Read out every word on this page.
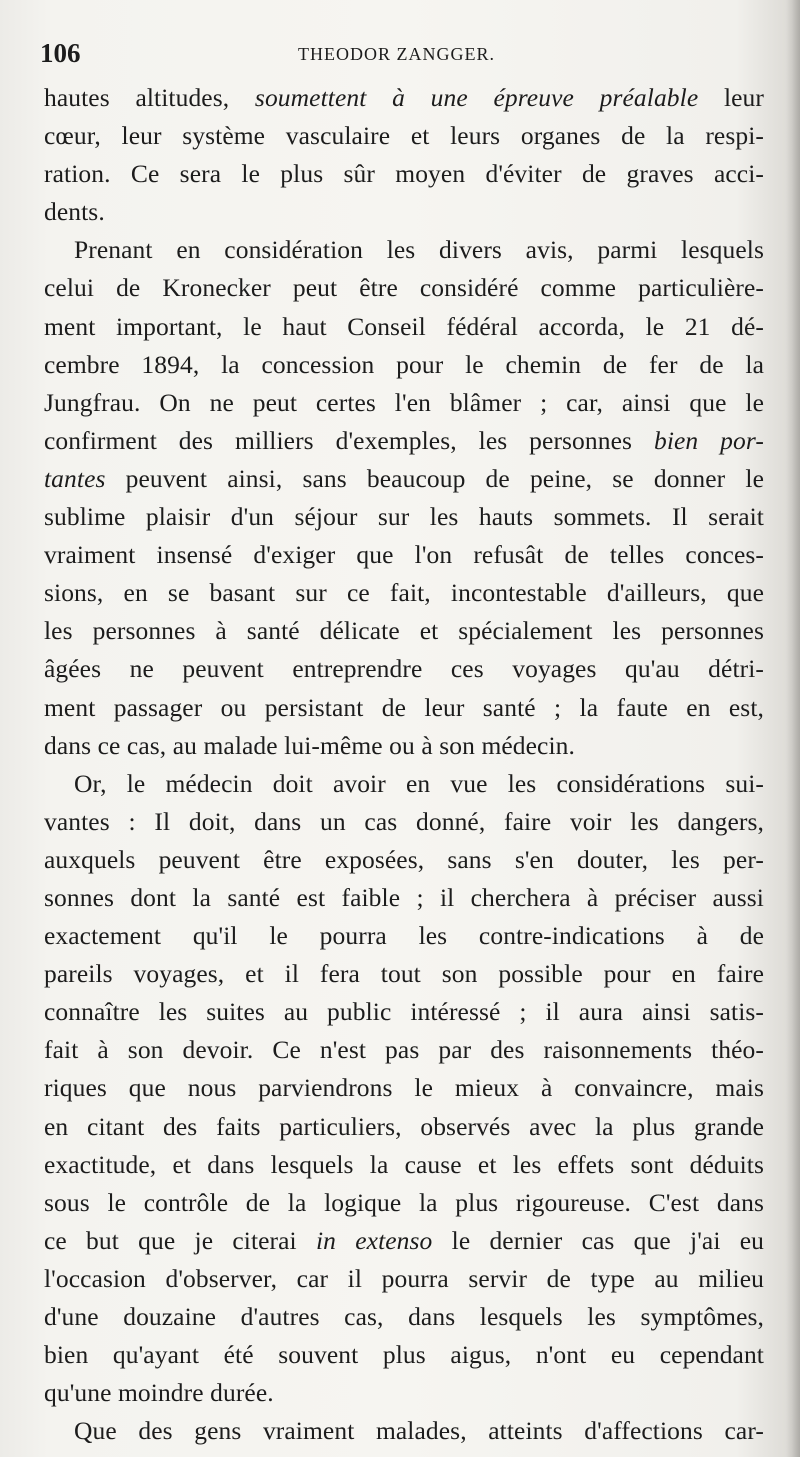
106	THEODOR ZANGGER.
hautes altitudes, soumettent à une épreuve préalable leur
cœur, leur système vasculaire et leurs organes de la respi-
ration. Ce sera le plus sûr moyen d'éviter de graves acci-
dents.
Prenant en considération les divers avis, parmi lesquels
celui de Kronecker peut être considéré comme particulière-
ment important, le haut Conseil fédéral accorda, le 21 dé-
cembre 1894, la concession pour le chemin de fer de la
Jungfrau. On ne peut certes l'en blâmer ; car, ainsi que le
confirment des milliers d'exemples, les personnes bien por-
tantes peuvent ainsi, sans beaucoup de peine, se donner le
sublime plaisir d'un séjour sur les hauts sommets. Il serait
vraiment insensé d'exiger que l'on refusât de telles conces-
sions, en se basant sur ce fait, incontestable d'ailleurs, que
les personnes à santé délicate et spécialement les personnes
âgées ne peuvent entreprendre ces voyages qu'au détri-
ment passager ou persistant de leur santé ; la faute en est,
dans ce cas, au malade lui-même ou à son médecin.
Or, le médecin doit avoir en vue les considérations sui-
vantes : Il doit, dans un cas donné, faire voir les dangers,
auxquels peuvent être exposées, sans s'en douter, les per-
sonnes dont la santé est faible ; il cherchera à préciser aussi
exactement qu'il le pourra les contre-indications à de
pareils voyages, et il fera tout son possible pour en faire
connaître les suites au public intéressé ; il aura ainsi satis-
fait à son devoir. Ce n'est pas par des raisonnements théo-
riques que nous parviendrons le mieux à convaincre, mais
en citant des faits particuliers, observés avec la plus grande
exactitude, et dans lesquels la cause et les effets sont déduits
sous le contrôle de la logique la plus rigoureuse. C'est dans
ce but que je citerai in extenso le dernier cas que j'ai eu
l'occasion d'observer, car il pourra servir de type au milieu
d'une douzaine d'autres cas, dans lesquels les symptômes,
bien qu'ayant été souvent plus aigus, n'ont eu cependant
qu'une moindre durée.
Que des gens vraiment malades, atteints d'affections car-
